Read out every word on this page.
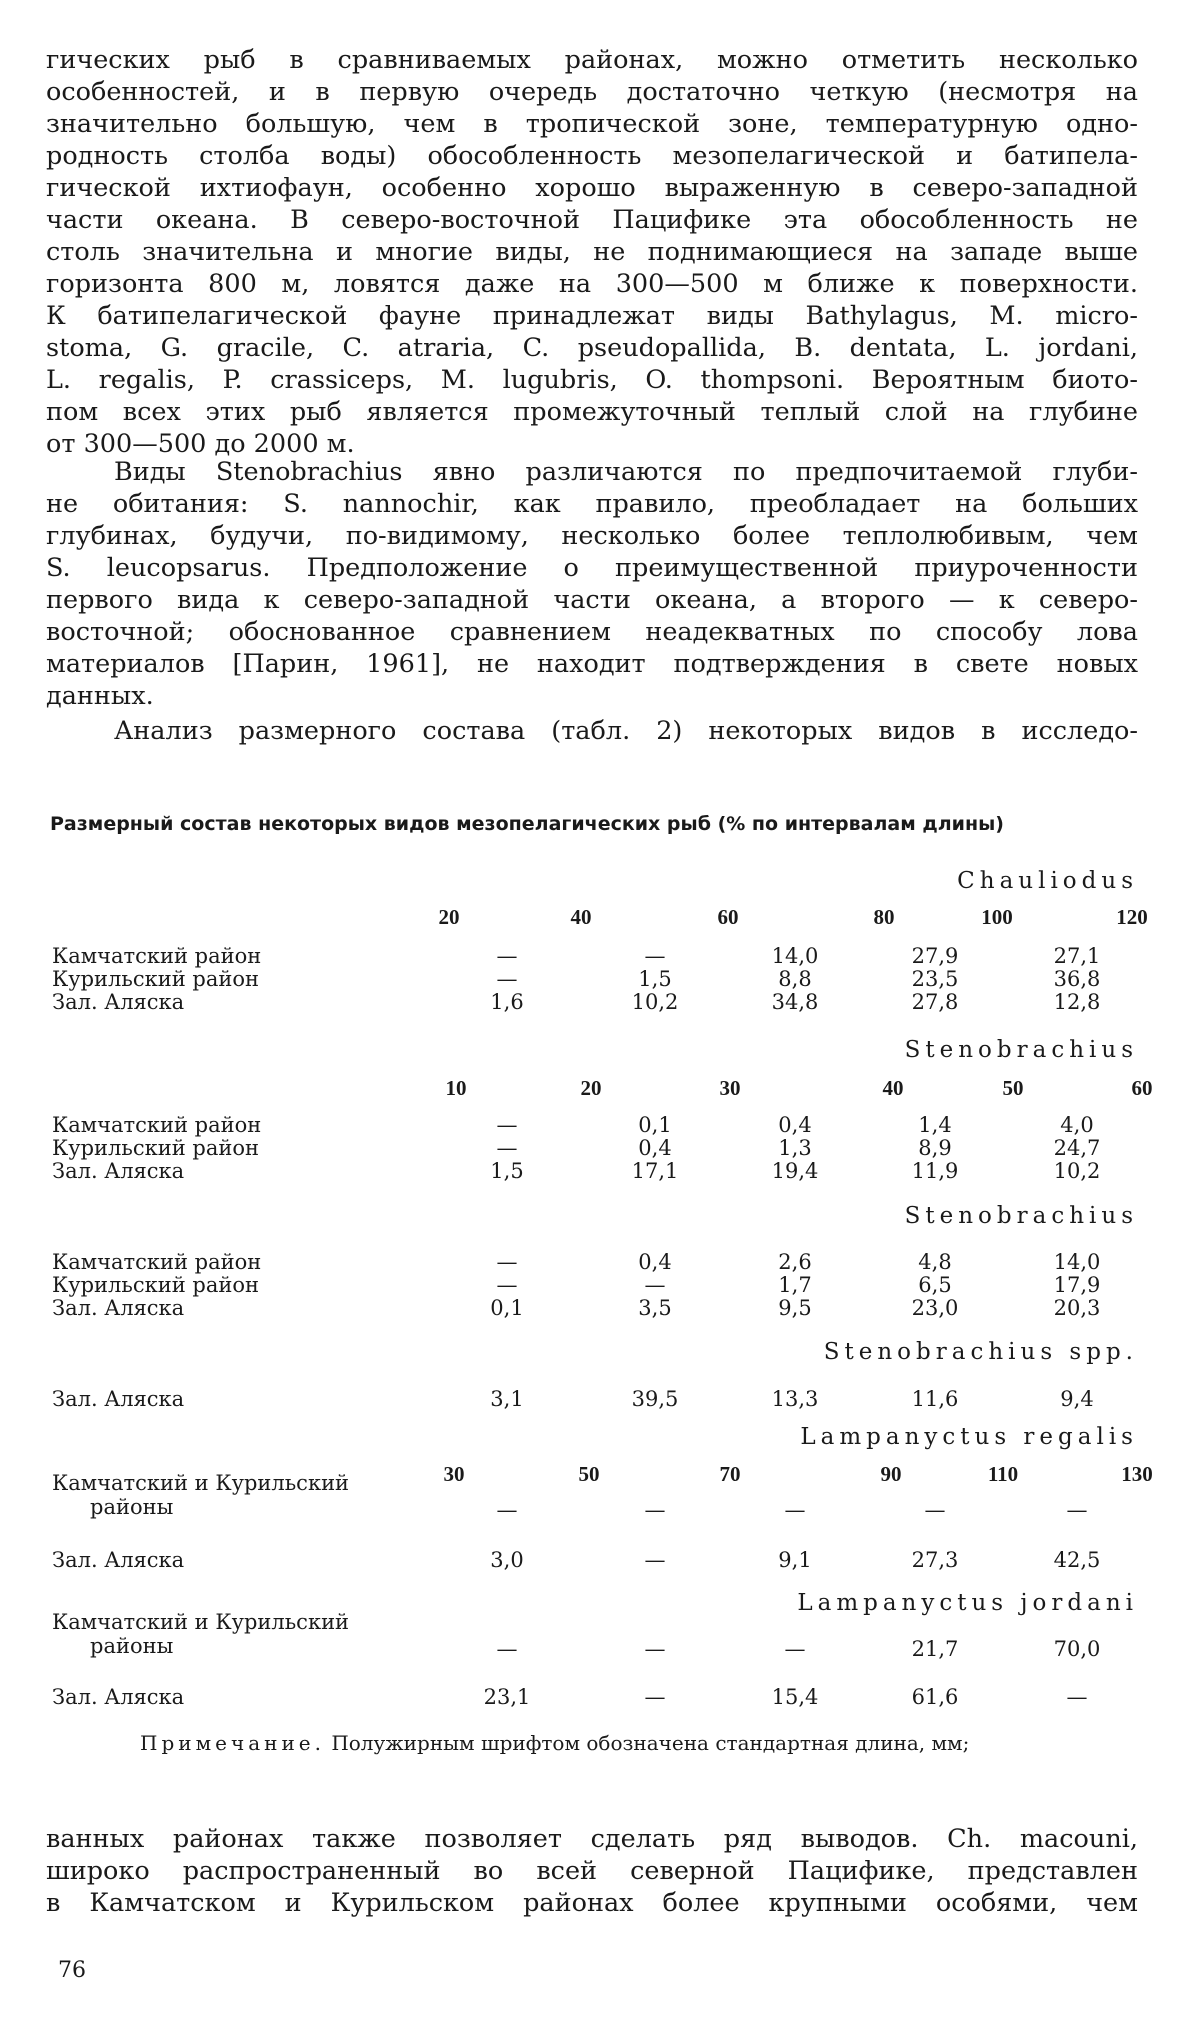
гических рыб в сравниваемых районах, можно отметить несколько
особенностей, и в первую очередь достаточно четкую (несмотря на
значительно большую, чем в тропической зоне, температурную одно-
родность столба воды) обособленность мезопелагической и батипела-
гической ихтиофаун, особенно хорошо выраженную в северо-западной
части океана. В северо-восточной Пацифике эта обособленность не
столь значительна и многие виды, не поднимающиеся на западе выше
горизонта 800 м, ловятся даже на 300—500 м ближе к поверхности.
К батипелагической фауне принадлежат виды Bathylagus, M. micro-
stoma, G. gracile, C. atraria, C. pseudopallida, B. dentata, L. jordani,
L. regalis, P. crassiceps, M. lugubris, O. thompsoni. Вероятным биото-
пом всех этих рыб является промежуточный теплый слой на глубине
от 300—500 до 2000 м.

Виды Stenobrachius явно различаются по предпочитаемой глуби-
не обитания: S. nannochir, как правило, преобладает на больших
глубинах, будучи, по-видимому, несколько более теплолюбивым, чем
S. leucopsarus. Предположение о преимущественной приуроченности
первого вида к северо-западной части океана, а второго — к северо-
восточной; обоснованное сравнением неадекватных по способу лова
материалов [Парин, 1961], не находит подтверждения в свете новых
данных.

Анализ размерного состава (табл. 2) некоторых видов в исследо-

Размерный состав некоторых видов мезопелагических рыб (% по интервалам длины)
Chauliodus
20	40	60	80	100	120
Камчатский район	—	—	14,0	27,9	27,1
Курильский район	—	1,5	8,8	23,5	36,8
Зал. Аляска	1,6	10,2	34,8	27,8	12,8
Stenobrachius
10	20	30	40	50	60
Камчатский район	—	0,1	0,4	1,4	4,0
Курильский район	—	0,4	1,3	8,9	24,7
Зал. Аляска	1,5	17,1	19,4	11,9	10,2
Stenobrachius
Камчатский район	—	0,4	2,6	4,8	14,0
Курильский район	—	—	1,7	6,5	17,9
Зал. Аляска	0,1	3,5	9,5	23,0	20,3
Stenobrachius spp.
Зал. Аляска	3,1	39,5	13,3	11,6	9,4
Lampanyctus regalis
30	50	70	90	110	130
Камчатский и Курильский
районы	—	—	—	—	—
Зал. Аляска	3,0	—	9,1	27,3	42,5
Lampanyctus jordani
Камчатский и Курильский
районы	—	—	—	21,7	70,0
Зал. Аляска	23,1	—	15,4	61,6	—
Примечание. Полужирным шрифтом обозначена стандартная длина, мм;

ванных районах также позволяет сделать ряд выводов. Ch. macouni,
широко распространенный во всей северной Пацифике, представлен
в Камчатском и Курильском районах более крупными особями, чем

76
